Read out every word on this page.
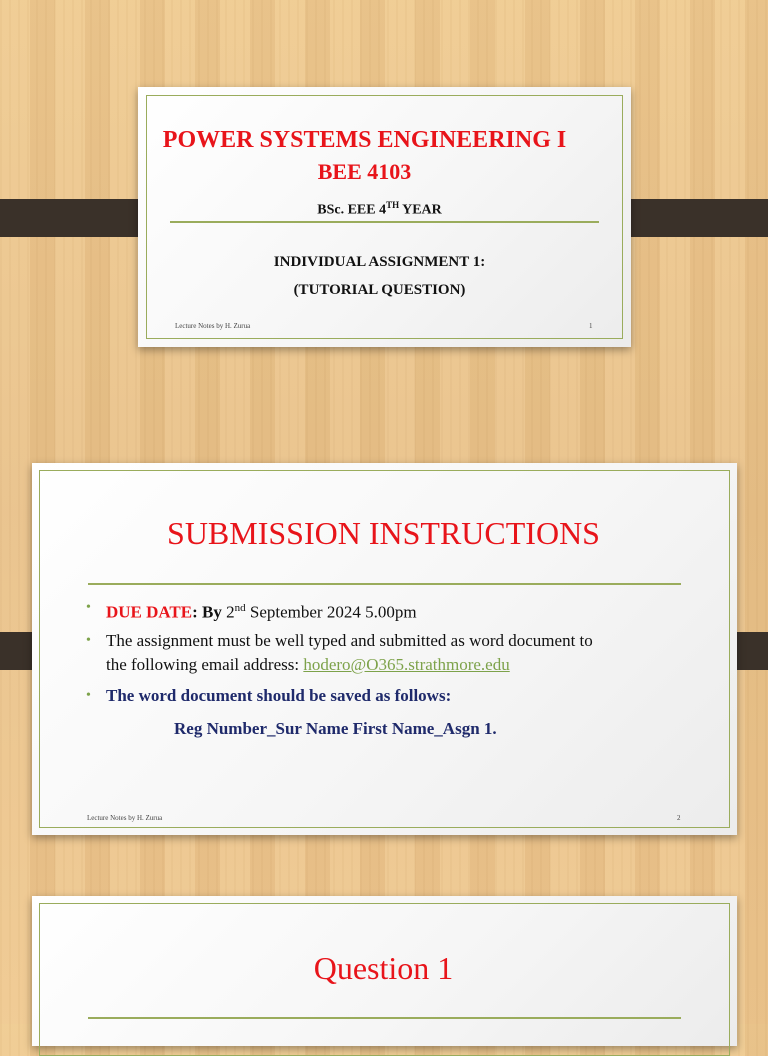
POWER SYSTEMS ENGINEERING I
BEE 4103
BSc. EEE 4TH YEAR
INDIVIDUAL ASSIGNMENT 1:
(TUTORIAL QUESTION)
Lecture Notes by H. Zurua	1
SUBMISSION INSTRUCTIONS
• DUE DATE: By 2nd September 2024 5.00pm
• The assignment must be well typed and submitted as word document to
the following email address: hodero@O365.strathmore.edu
• The word document should be saved as follows:
Reg Number_Sur Name First Name_Asgn 1.
Lecture Notes by H. Zurua	2
Question 1
